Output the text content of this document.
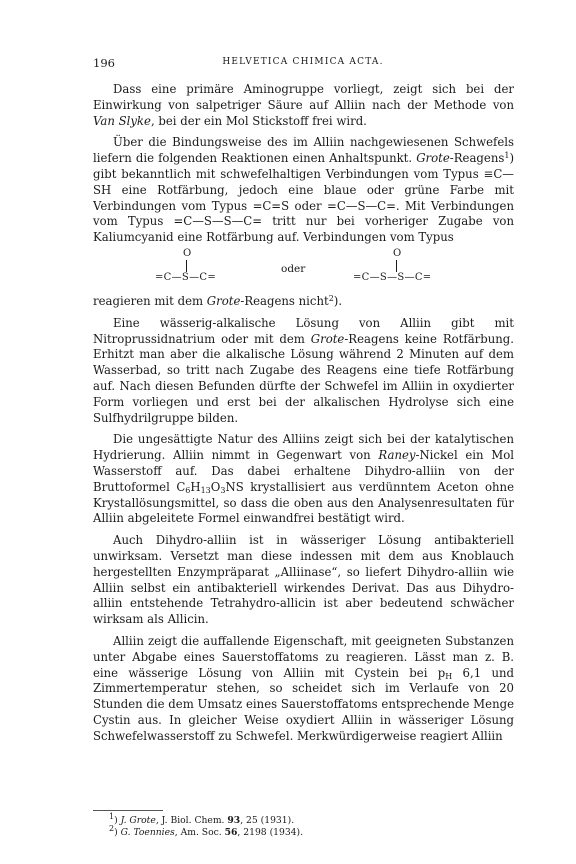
196	HELVETICA CHIMICA ACTA.

Dass eine primäre Aminogruppe vorliegt, zeigt sich bei der Einwirkung von salpetriger Säure auf Alliin nach der Methode von Van Slyke, bei der ein Mol Stickstoff frei wird.

Über die Bindungsweise des im Alliin nachgewiesenen Schwefels liefern die folgenden Reaktionen einen Anhaltspunkt. Grote-Reagens$^1$) gibt bekanntlich mit schwefelhaltigen Verbindungen vom Typus ≡C—SH eine Rotfärbung, jedoch eine blaue oder grüne Farbe mit Verbindungen vom Typus =C=S oder =C—S—C=. Mit Verbindungen vom Typus =C—S—S—C= tritt nur bei vorheriger Zugabe von Kaliumcyanid eine Rotfärbung auf. Verbindungen vom Typus

O
=C—S—C=
oder
O
=C—S—S—C=

reagieren mit dem Grote-Reagens nicht$^2$).

Eine wässerig-alkalische Lösung von Alliin gibt mit Nitroprussidnatrium oder mit dem Grote-Reagens keine Rotfärbung. Erhitzt man aber die alkalische Lösung während 2 Minuten auf dem Wasserbad, so tritt nach Zugabe des Reagens eine tiefe Rotfärbung auf. Nach diesen Befunden dürfte der Schwefel im Alliin in oxydierter Form vorliegen und erst bei der alkalischen Hydrolyse sich eine Sulfhydrilgruppe bilden.

Die ungesättigte Natur des Alliins zeigt sich bei der katalytischen Hydrierung. Alliin nimmt in Gegenwart von Raney-Nickel ein Mol Wasserstoff auf. Das dabei erhaltene Dihydro-alliin von der Bruttoformel $C_6H_{13}O_3NS$ krystallisiert aus verdünntem Aceton ohne Krystallösungsmittel, so dass die oben aus den Analysenresultaten für Alliin abgeleitete Formel einwandfrei bestätigt wird.

Auch Dihydro-alliin ist in wässeriger Lösung antibakteriell unwirksam. Versetzt man diese indessen mit dem aus Knoblauch hergestellten Enzympräparat „Alliinase“, so liefert Dihydro-alliin wie Alliin selbst ein antibakteriell wirkendes Derivat. Das aus Dihydro-alliin entstehende Tetrahydro-allicin ist aber bedeutend schwächer wirksam als Allicin.

Alliin zeigt die auffallende Eigenschaft, mit geeigneten Substanzen unter Abgabe eines Sauerstoffatoms zu reagieren. Lässt man z. B. eine wässerige Lösung von Alliin mit Cystein bei $p_H$ 6,1 und Zimmertemperatur stehen, so scheidet sich im Verlaufe von 20 Stunden die dem Umsatz eines Sauerstoffatoms entsprechende Menge Cystin aus. In gleicher Weise oxydiert Alliin in wässeriger Lösung Schwefelwasserstoff zu Schwefel. Merkwürdigerweise reagiert Alliin

$^1$) J. Grote, J. Biol. Chem. 93, 25 (1931).
$^2$) G. Toennies, Am. Soc. 56, 2198 (1934).
